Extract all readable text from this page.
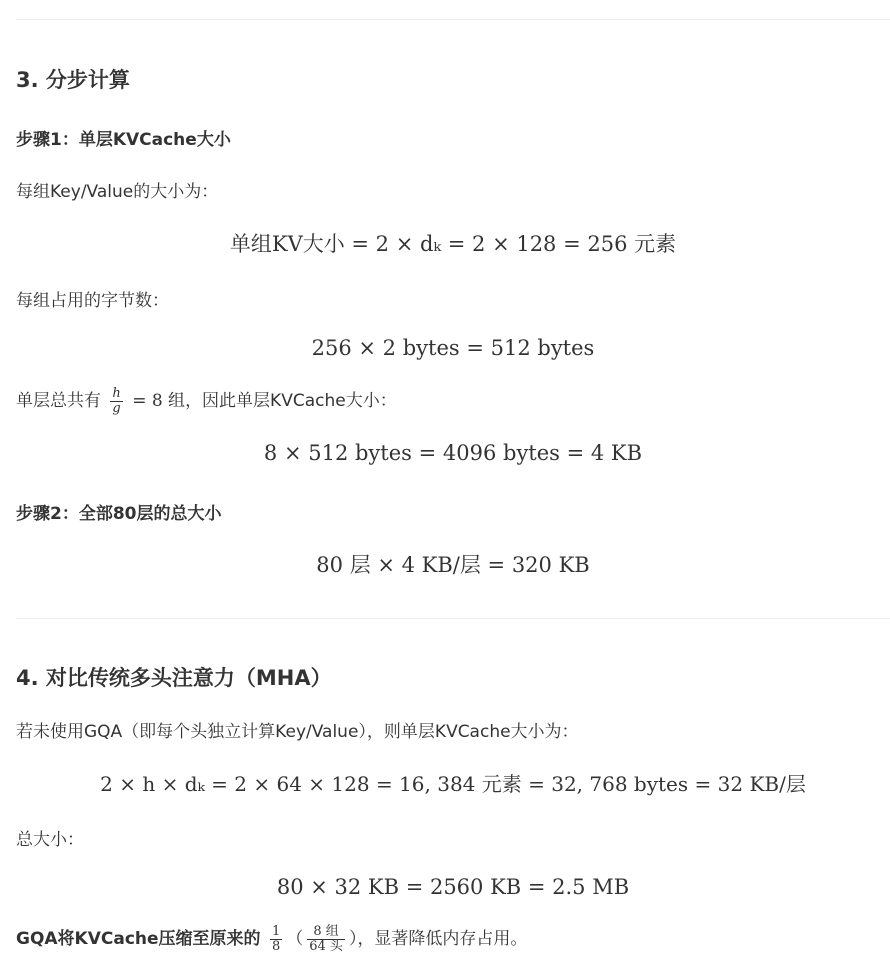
3. 分步计算
步骤1：单层KVCache大小
每组Key/Value的大小为：
单组KV大小 = 2 × dₖ = 2 × 128 = 256 元素
每组占用的字节数：
256 × 2 bytes = 512 bytes
单层总共有 $\frac{h}{g} = 8$ 组，因此单层KVCache大小：
8 × 512 bytes = 4096 bytes = 4 KB
步骤2：全部80层的总大小
80 层 × 4 KB/层 = 320 KB
4. 对比传统多头注意力（MHA）
若未使用GQA（即每个头独立计算Key/Value），则单层KVCache大小为：
2 × h × dₖ = 2 × 64 × 128 = 16, 384 元素 = 32, 768 bytes = 32 KB/层
总大小：
80 × 32 KB = 2560 KB = 2.5 MB
GQA将KVCache压缩至原来的 $\frac{1}{8}$ （ $\frac{\text{8 组}}{\text{64 头}}$ ），显著降低内存占用。
